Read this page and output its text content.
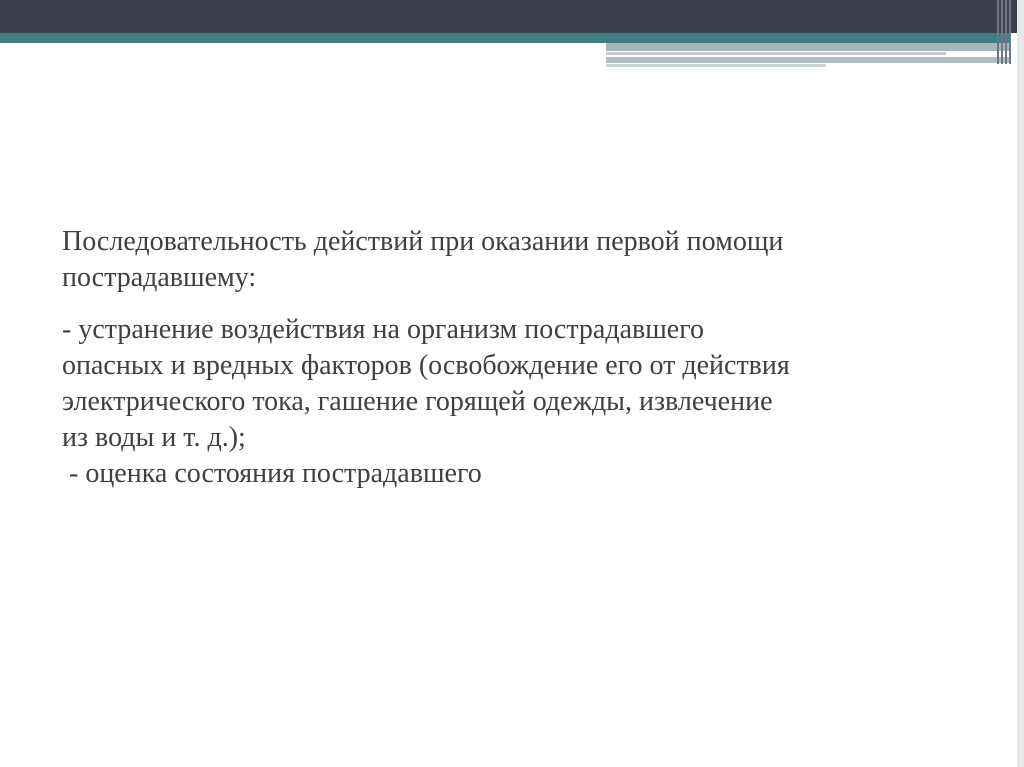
Последовательность действий при оказании первой помощи

пострадавшему:

- устранение воздействия на организм пострадавшего

опасных и вредных факторов (освобождение его от действия

электрического тока, гашение горящей одежды, извлечение

из воды и т. д.);

- оценка состояния пострадавшего
